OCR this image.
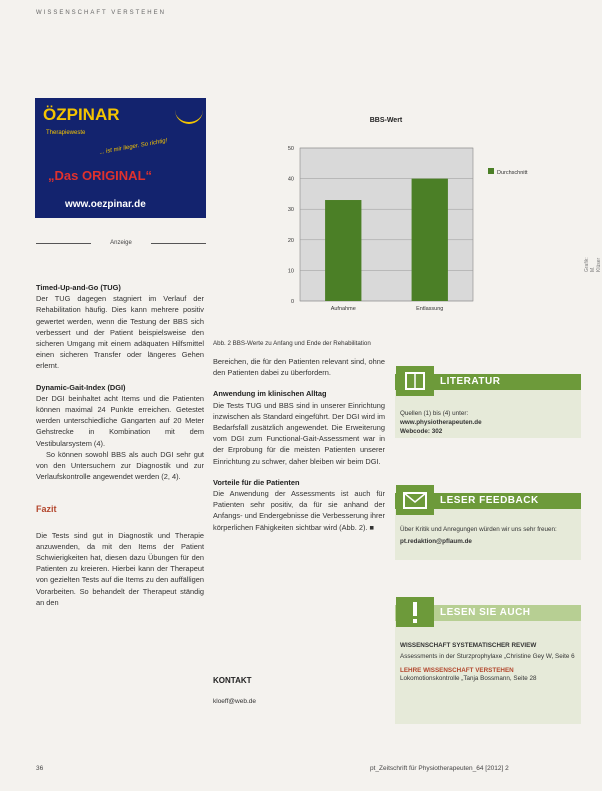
WISSENSCHAFT VERSTEHEN
ÖZPINAR
Therapieweste
... ist mir lieger. So richtig!
„Das ORIGINAL“
www.oezpinar.de
Anzeige
BBS-Wert
0
10
20
30
40
50
Aufnahme	Entlassung
Durchschnitt
Abb. 2 BBS-Werte zu Anfang und Ende der Rehabilitation
Grafik: M. Klüser
Timed-Up-and-Go (TUG)
Der TUG dagegen stagniert im Verlauf der Rehabilitation häufig. Dies kann mehrere positiv gewertet werden, wenn die Testung der BBS sich verbessert und der Patient beispielsweise den sicheren Umgang mit einem adäquaten Hilfsmittel einen sicheren Transfer oder längeres Gehen erlernt.
Dynamic-Gait-Index (DGI)
Der DGI beinhaltet acht Items und die Patienten können maximal 24 Punkte erreichen. Getestet werden unterschiedliche Gangarten auf 20 Meter Gehstrecke in Kombination mit dem Vestibularsystem (4).
So können sowohl BBS als auch DGI sehr gut von den Untersuchern zur Diagnostik und zur Verlaufskontrolle angewendet werden (2, 4).
Fazit
Die Tests sind gut in Diagnostik und Therapie anzuwenden, da mit den Items der Patient Schwierigkeiten hat, diesen dazu Übungen für den Patienten zu kreieren. Hierbei kann der Therapeut von gezielten Tests auf die Items zu den auffälligen Vorarbeiten. So behandelt der Therapeut ständig an den
Bereichen, die für den Patienten relevant sind, ohne den Patienten dabei zu überfordern.
Anwendung im klinischen Alltag
Die Tests TUG und BBS sind in unserer Einrichtung inzwischen als Standard eingeführt. Der DGI wird im Bedarfsfall zusätzlich angewendet. Die Erweiterung vom DGI zum Functional-Gait-Assessment war in der Erprobung für die meisten Patienten unserer Einrichtung zu schwer, daher bleiben wir beim DGI.
Vorteile für die Patienten
Die Anwendung der Assessments ist auch für Patienten sehr positiv, da für sie anhand der Anfangs- und Endergebnisse die Verbesserung ihrer körperlichen Fähigkeiten sichtbar wird (Abb. 2). ■
KONTAKT
kloeff@web.de
LITERATUR
Quellen (1) bis (4) unter:
www.physiotherapeuten.de
Webcode: 302
LESER FEEDBACK
Über Kritik und Anregungen würden wir uns sehr freuen:
pt.redaktion@pflaum.de
LESEN SIE AUCH
WISSENSCHAFT SYSTEMATISCHER REVIEW
Assessments in der Sturzprophylaxe „Christine Gey W, Seite 6
LEHRE WISSENSCHAFT VERSTEHEN
Lokomotionskontrolle „Tanja Bossmann, Seite 28
36	pt_Zeitschrift für Physiotherapeuten_64 [2012] 2
